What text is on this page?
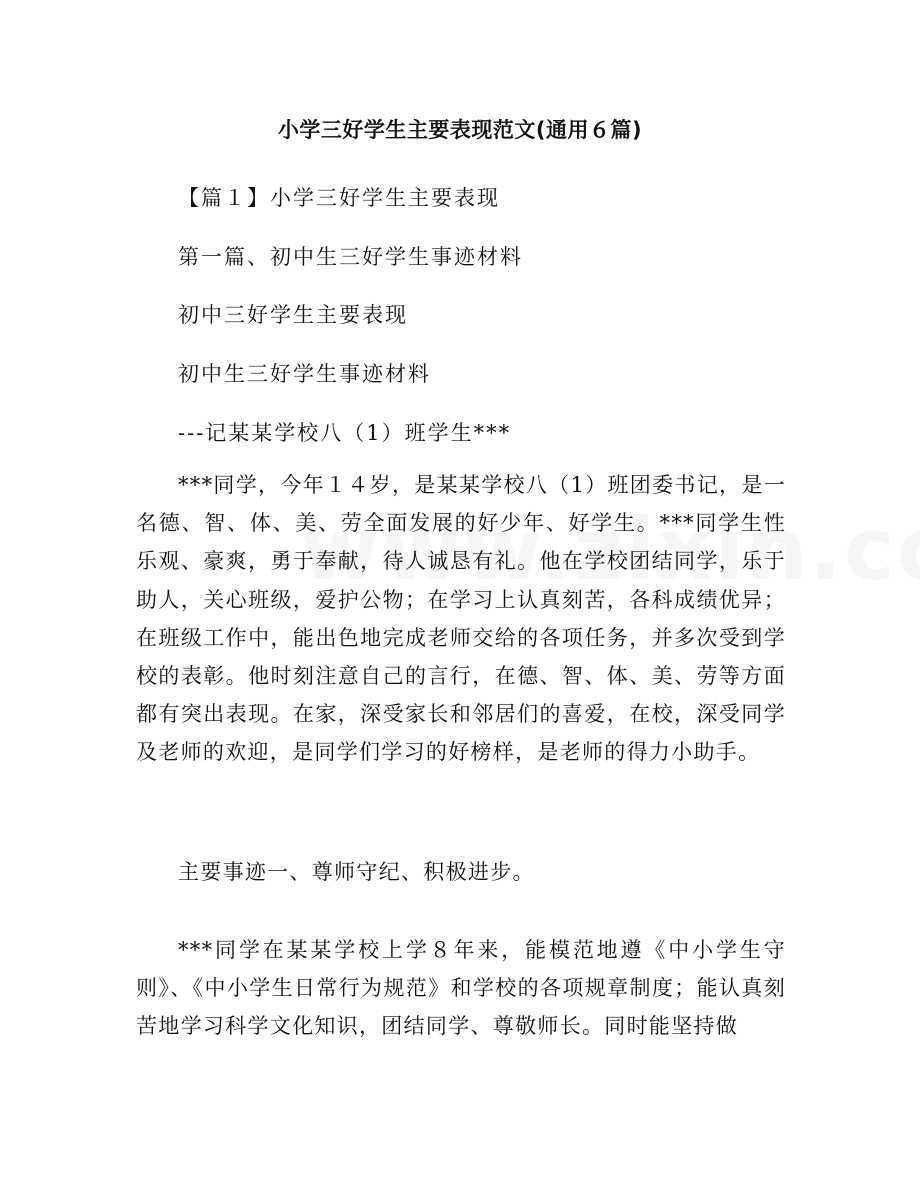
小学三好学生主要表现范文(通用６篇)
【篇１】小学三好学生主要表现
第一篇、初中生三好学生事迹材料
初中三好学生主要表现
初中生三好学生事迹材料
---记某某学校八（1）班学生***

***同学，今年１４岁，是某某学校八（1）班团委书记，是一名德、智、体、美、劳全面发展的好少年、好学生。***同学生性乐观、豪爽，勇于奉献，待人诚恳有礼。他在学校团结同学，乐于助人，关心班级，爱护公物；在学习上认真刻苦，各科成绩优异；在班级工作中，能出色地完成老师交给的各项任务，并多次受到学校的表彰。他时刻注意自己的言行，在德、智、体、美、劳等方面都有突出表现。在家，深受家长和邻居们的喜爱，在校，深受同学及老师的欢迎，是同学们学习的好榜样，是老师的得力小助手。

主要事迹一、尊师守纪、积极进步。

***同学在某某学校上学８年来，能模范地遵《中小学生守则》、《中小学生日常行为规范》和学校的各项规章制度；能认真刻苦地学习科学文化知识，团结同学、尊敬师长。同时能坚持做
